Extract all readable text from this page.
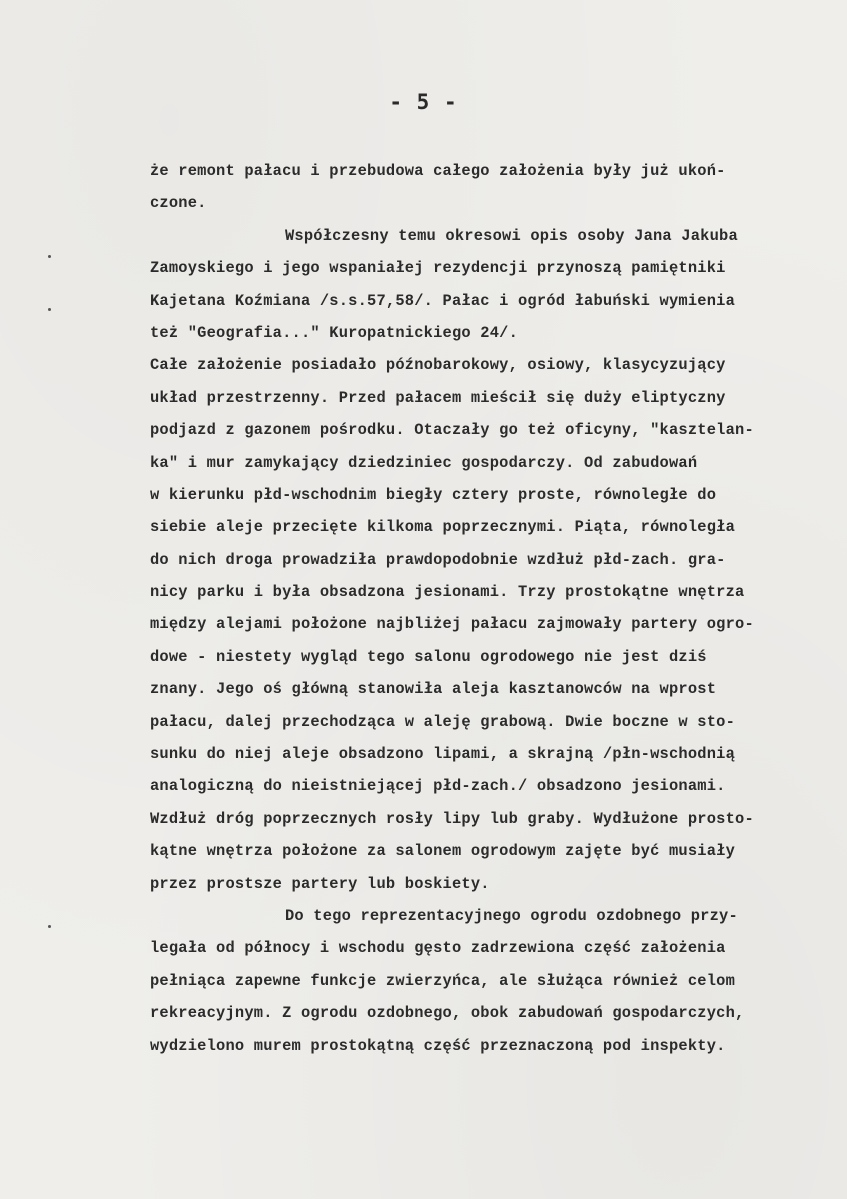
- 5 -
że remont pałacu i przebudowa całego założenia były już ukoń-
czone.
Współczesny temu okresowi opis osoby Jana Jakuba
Zamoyskiego i jego wspaniałej rezydencji przynoszą pamiętniki
Kajetana Koźmiana /s.s.57,58/. Pałac i ogród łabuński wymienia
też "Geografia..." Kuropatnickiego 24/.
Całe założenie posiadało późnobarokowy, osiowy, klasycyzujący
układ przestrzenny. Przed pałacem mieścił się duży eliptyczny
podjazd z gazonem pośrodku. Otaczały go też oficyny, "kasztelan-
ka" i mur zamykający dziedziniec gospodarczy. Od zabudowań
w kierunku płd-wschodnim biegły cztery proste, równoległe do
siebie aleje przecięte kilkoma poprzecznymi. Piąta, równoległa
do nich droga prowadziła prawdopodobnie wzdłuż płd-zach. gra-
nicy parku i była obsadzona jesionami. Trzy prostokątne wnętrza
między alejami położone najbliżej pałacu zajmowały partery ogro-
dowe - niestety wygląd tego salonu ogrodowego nie jest dziś
znany. Jego oś główną stanowiła aleja kasztanowców na wprost
pałacu, dalej przechodząca w aleję grabową. Dwie boczne w sto-
sunku do niej aleje obsadzono lipami, a skrajną /płn-wschodnią
analogiczną do nieistniejącej płd-zach./ obsadzono jesionami.
Wzdłuż dróg poprzecznych rosły lipy lub graby. Wydłużone prosto-
kątne wnętrza położone za salonem ogrodowym zajęte być musiały
przez prostsze partery lub boskiety.
Do tego reprezentacyjnego ogrodu ozdobnego przy-
legała od północy i wschodu gęsto zadrzewiona część założenia
pełniąca zapewne funkcje zwierzyńca, ale służąca również celom
rekreacyjnym. Z ogrodu ozdobnego, obok zabudowań gospodarczych,
wydzielono murem prostokątną część przeznaczoną pod inspekty.
